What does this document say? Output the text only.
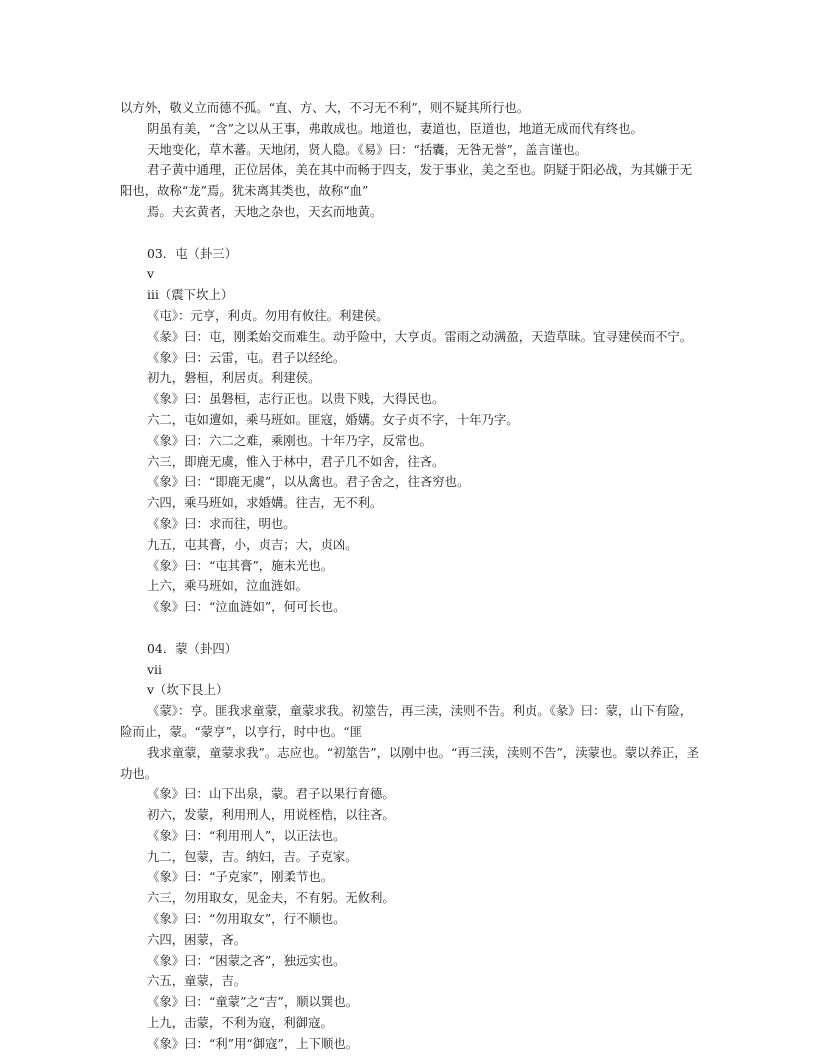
以方外，敬义立而德不孤。“直、方、大，不习无不利”，则不疑其所行也。

阴虽有美，“含”之以从王事，弗敢成也。地道也，妻道也，臣道也，地道无成而代有终也。

天地变化，草木蕃。天地闭，贤人隐。《易》曰：“括囊，无咎无誉”，盖言谨也。

君子黄中通理，正位居体，美在其中而畅于四支，发于事业，美之至也。阴疑于阳必战，为其嫌于无阳也，故称“龙”焉。犹未离其类也，故称“血”

焉。夫玄黄者，天地之杂也，天玄而地黄。

03．屯（卦三）

ⅴ

ⅲ（震下坎上）

《屯》：元亨，利贞。勿用有攸往。利建侯。

《彖》曰：屯，刚柔始交而难生。动乎险中，大亨贞。雷雨之动满盈，天造草昧。宜寻建侯而不宁。

《象》曰：云雷，屯。君子以经纶。

初九，磐桓，利居贞。利建侯。

《象》曰：虽磐桓，志行正也。以贵下贱，大得民也。

六二，屯如邅如，乘马班如。匪寇，婚媾。女子贞不字，十年乃字。

《象》曰：六二之难，乘刚也。十年乃字，反常也。

六三，即鹿无虞，惟入于林中，君子几不如舍，往吝。

《象》曰：“即鹿无虞”，以从禽也。君子舍之，往吝穷也。

六四，乘马班如，求婚媾。往吉，无不利。

《象》曰：求而往，明也。

九五，屯其膏，小，贞吉；大，贞凶。

《象》曰：“屯其膏”，施未光也。

上六，乘马班如，泣血涟如。

《象》曰：“泣血涟如”，何可长也。

04．蒙（卦四）

ⅶ

ⅴ（坎下艮上）

《蒙》：亨。匪我求童蒙，童蒙求我。初筮告，再三渎，渎则不告。利贞。《彖》曰：蒙，山下有险，险而止，蒙。“蒙亨”，以亨行，时中也。“匪

我求童蒙，童蒙求我”。志应也。“初筮告”，以刚中也。“再三渎，渎则不告”，渎蒙也。蒙以养正，圣功也。

《象》曰：山下出泉，蒙。君子以果行育德。

初六，发蒙，利用刑人，用说桎梏，以往吝。

《象》曰：“利用刑人”，以正法也。

九二，包蒙，吉。纳妇，吉。子克家。

《象》曰：“子克家”，刚柔节也。

六三，勿用取女，见金夫，不有躬。无攸利。

《象》曰：“勿用取女”，行不顺也。

六四，困蒙，吝。

《象》曰：“困蒙之吝”，独远实也。

六五，童蒙，吉。

《象》曰：“童蒙”之“吉”，顺以巽也。

上九，击蒙，不利为寇，利御寇。

《象》曰：“利”用“御寇”，上下顺也。
